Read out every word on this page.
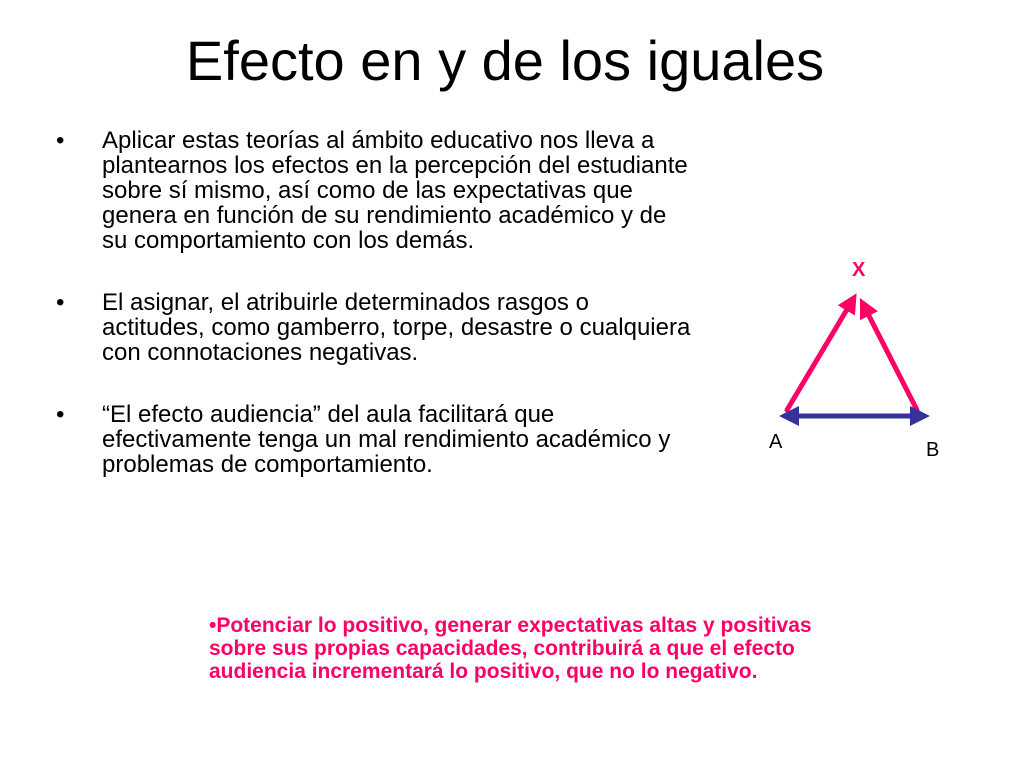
Efecto en y de los iguales
• Aplicar estas teorías al ámbito educativo nos lleva a plantearnos los efectos en la percepción del estudiante sobre sí mismo, así como de las expectativas que genera en función de su rendimiento académico y de su comportamiento con los demás.
• El asignar, el atribuirle determinados rasgos o actitudes, como gamberro, torpe, desastre o cualquiera con connotaciones negativas.
• “El efecto audiencia” del aula facilitará que efectivamente tenga un mal rendimiento académico y problemas de comportamiento.
X
A	B

•Potenciar lo positivo, generar expectativas altas y positivas sobre sus propias capacidades, contribuirá a que el efecto audiencia incrementará lo positivo, que no lo negativo.
